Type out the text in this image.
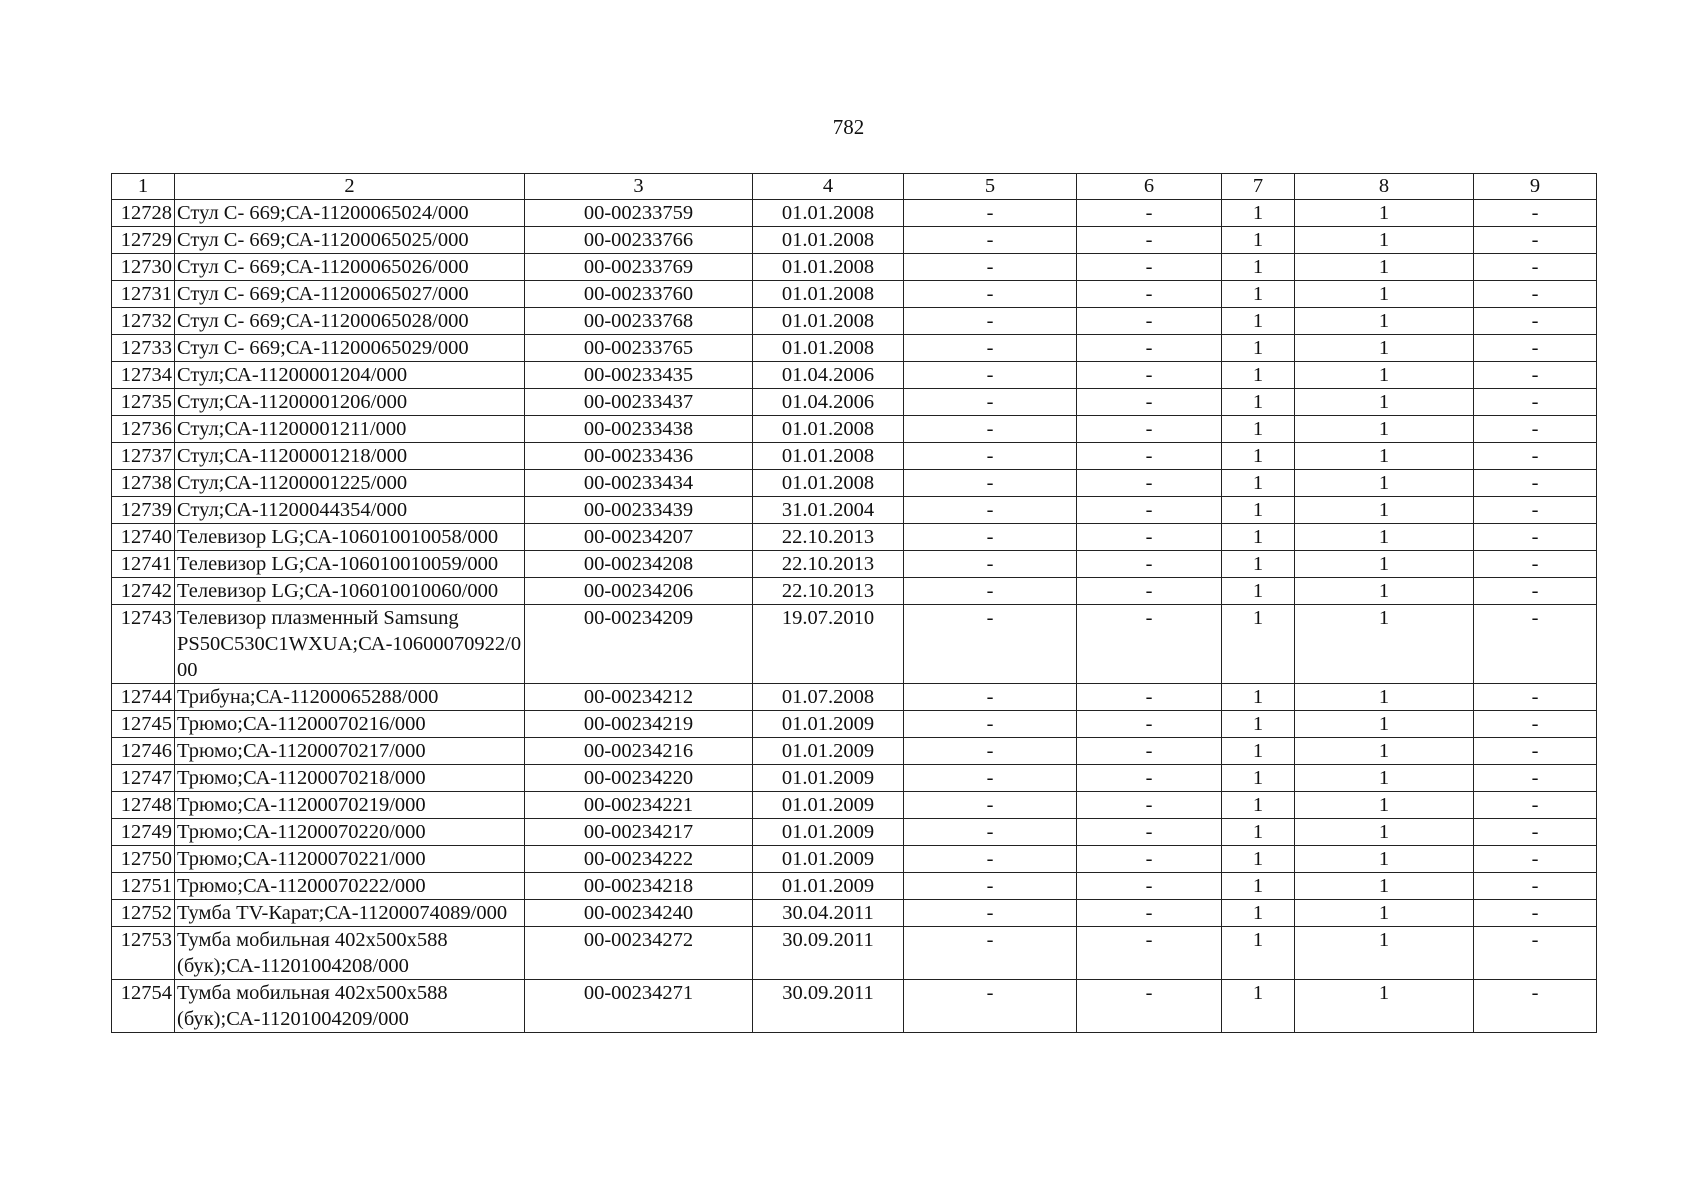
782
1	2	3	4	5	6	7	8	9
12728	Стул С- 669;СА-11200065024/000	00-00233759	01.01.2008	-	-	1	1	-
12729	Стул С- 669;СА-11200065025/000	00-00233766	01.01.2008	-	-	1	1	-
12730	Стул С- 669;СА-11200065026/000	00-00233769	01.01.2008	-	-	1	1	-
12731	Стул С- 669;СА-11200065027/000	00-00233760	01.01.2008	-	-	1	1	-
12732	Стул С- 669;СА-11200065028/000	00-00233768	01.01.2008	-	-	1	1	-
12733	Стул С- 669;СА-11200065029/000	00-00233765	01.01.2008	-	-	1	1	-
12734	Стул;СА-11200001204/000	00-00233435	01.04.2006	-	-	1	1	-
12735	Стул;СА-11200001206/000	00-00233437	01.04.2006	-	-	1	1	-
12736	Стул;СА-11200001211/000	00-00233438	01.01.2008	-	-	1	1	-
12737	Стул;СА-11200001218/000	00-00233436	01.01.2008	-	-	1	1	-
12738	Стул;СА-11200001225/000	00-00233434	01.01.2008	-	-	1	1	-
12739	Стул;СА-11200044354/000	00-00233439	31.01.2004	-	-	1	1	-
12740	Телевизор LG;СА-106010010058/000	00-00234207	22.10.2013	-	-	1	1	-
12741	Телевизор LG;СА-106010010059/000	00-00234208	22.10.2013	-	-	1	1	-
12742	Телевизор LG;СА-106010010060/000	00-00234206	22.10.2013	-	-	1	1	-
12743	Телевизор плазменный Samsung PS50C530C1WXUA;СА-10600070922/000	00-00234209	19.07.2010	-	-	1	1	-
12744	Трибуна;СА-11200065288/000	00-00234212	01.07.2008	-	-	1	1	-
12745	Трюмо;СА-11200070216/000	00-00234219	01.01.2009	-	-	1	1	-
12746	Трюмо;СА-11200070217/000	00-00234216	01.01.2009	-	-	1	1	-
12747	Трюмо;СА-11200070218/000	00-00234220	01.01.2009	-	-	1	1	-
12748	Трюмо;СА-11200070219/000	00-00234221	01.01.2009	-	-	1	1	-
12749	Трюмо;СА-11200070220/000	00-00234217	01.01.2009	-	-	1	1	-
12750	Трюмо;СА-11200070221/000	00-00234222	01.01.2009	-	-	1	1	-
12751	Трюмо;СА-11200070222/000	00-00234218	01.01.2009	-	-	1	1	-
12752	Тумба TV-Карат;СА-11200074089/000	00-00234240	30.04.2011	-	-	1	1	-
12753	Тумба мобильная 402x500x588 (бук);СА-11201004208/000	00-00234272	30.09.2011	-	-	1	1	-
12754	Тумба мобильная 402x500x588 (бук);СА-11201004209/000	00-00234271	30.09.2011	-	-	1	1	-
